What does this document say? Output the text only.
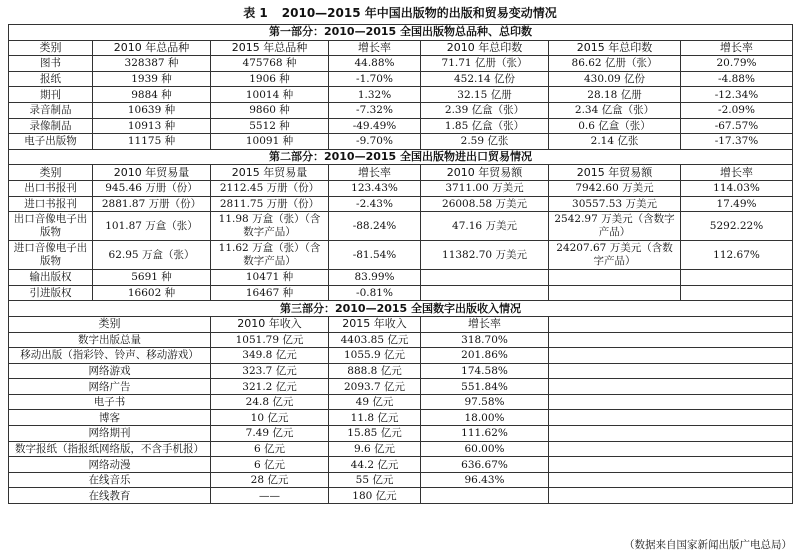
表 1 2010—2015 年中国出版物的出版和贸易变动情况
第一部分：2010—2015 全国出版物总品种、总印数						
类别	2010 年总品种	2015 年总品种	增长率	2010 年总印数	2015 年总印数	增长率
图书	328387 种	475768 种	44.88%	71.71 亿册（张）	86.62 亿册（张）	20.79%
报纸	1939 种	1906 种	-1.70%	452.14 亿份	430.09 亿份	-4.88%
期刊	9884 种	10014 种	1.32%	32.15 亿册	28.18 亿册	-12.34%
录音制品	10639 种	9860 种	-7.32%	2.39 亿盒（张）	2.34 亿盒（张）	-2.09%
录像制品	10913 种	5512 种	-49.49%	1.85 亿盒（张）	0.6 亿盒（张）	-67.57%
电子出版物	11175 种	10091 种	-9.70%	2.59 亿张	2.14 亿张	-17.37%
第二部分：2010—2015 全国出版物进出口贸易情况						
类别	2010 年贸易量	2015 年贸易量	增长率	2010 年贸易额	2015 年贸易额	增长率
出口书报刊	945.46 万册（份）	2112.45 万册（份）	123.43%	3711.00 万美元	7942.60 万美元	114.03%
进口书报刊	2881.87 万册（份）	2811.75 万册（份）	-2.43%	26008.58 万美元	30557.53 万美元	17.49%
出口音像电子出版物	101.87 万盒（张）	11.98 万盒（张）（含数字产品）	-88.24%	47.16 万美元	2542.97 万美元（含数字产品）	5292.22%
进口音像电子出版物	62.95 万盒（张）	11.62 万盒（张）（含数字产品）	-81.54%	11382.70 万美元	24207.67 万美元（含数字产品）	112.67%
输出版权	5691 种	10471 种	83.99%			
引进版权	16602 种	16467 种	-0.81%			
第三部分：2010—2015 全国数字出版收入情况						
类别		2010 年收入	2015 年收入	增长率		
数字出版总量		1051.79 亿元	4403.85 亿元	318.70%		
移动出版（指彩铃、铃声、移动游戏）		349.8 亿元	1055.9 亿元	201.86%		
网络游戏		323.7 亿元	888.8 亿元	174.58%		
网络广告		321.2 亿元	2093.7 亿元	551.84%		
电子书		24.8 亿元	49 亿元	97.58%		
博客		10 亿元	11.8 亿元	18.00%		
网络期刊		7.49 亿元	15.85 亿元	111.62%		
数字报纸（指报纸网络版，不含手机报）		6 亿元	9.6 亿元	60.00%		
网络动漫		6 亿元	44.2 亿元	636.67%		
在线音乐		28 亿元	55 亿元	96.43%		
在线教育		——	180 亿元			
（数据来自国家新闻出版广电总局）
